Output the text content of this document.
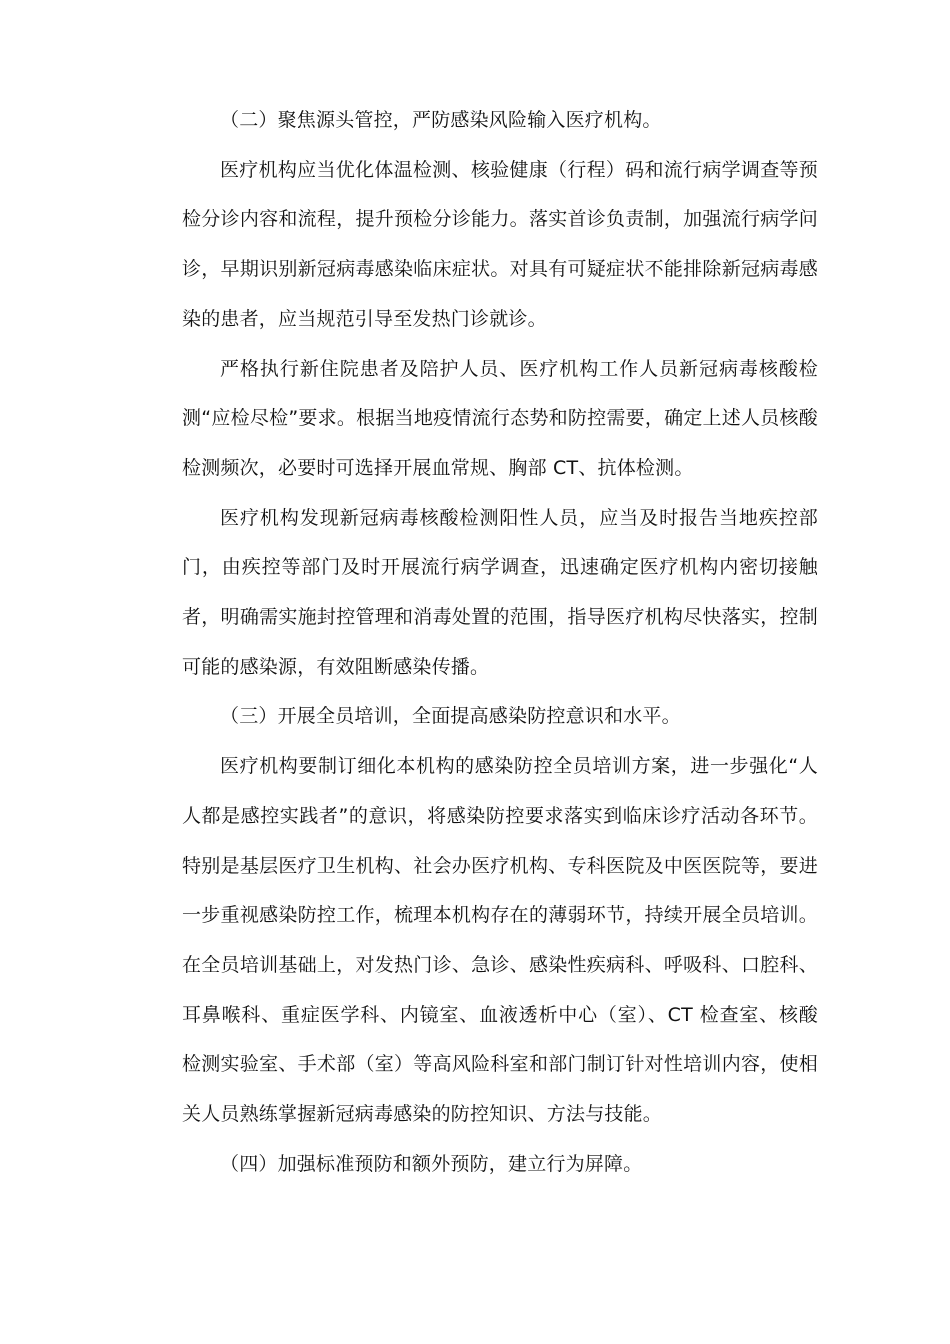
（二）聚焦源头管控，严防感染风险输入医疗机构。

医疗机构应当优化体温检测、核验健康（行程）码和流行病学调查等预检分诊内容和流程，提升预检分诊能力。落实首诊负责制，加强流行病学问诊，早期识别新冠病毒感染临床症状。对具有可疑症状不能排除新冠病毒感染的患者，应当规范引导至发热门诊就诊。

严格执行新住院患者及陪护人员、医疗机构工作人员新冠病毒核酸检测“应检尽检”要求。根据当地疫情流行态势和防控需要，确定上述人员核酸检测频次，必要时可选择开展血常规、胸部 CT、抗体检测。

医疗机构发现新冠病毒核酸检测阳性人员，应当及时报告当地疾控部门，由疾控等部门及时开展流行病学调查，迅速确定医疗机构内密切接触者，明确需实施封控管理和消毒处置的范围，指导医疗机构尽快落实，控制可能的感染源，有效阻断感染传播。

（三）开展全员培训，全面提高感染防控意识和水平。

医疗机构要制订细化本机构的感染防控全员培训方案，进一步强化“人人都是感控实践者”的意识，将感染防控要求落实到临床诊疗活动各环节。特别是基层医疗卫生机构、社会办医疗机构、专科医院及中医医院等，要进一步重视感染防控工作，梳理本机构存在的薄弱环节，持续开展全员培训。在全员培训基础上，对发热门诊、急诊、感染性疾病科、呼吸科、口腔科、耳鼻喉科、重症医学科、内镜室、血液透析中心（室）、CT 检查室、核酸检测实验室、手术部（室）等高风险科室和部门制订针对性培训内容，使相关人员熟练掌握新冠病毒感染的防控知识、方法与技能。

（四）加强标准预防和额外预防，建立行为屏障。
